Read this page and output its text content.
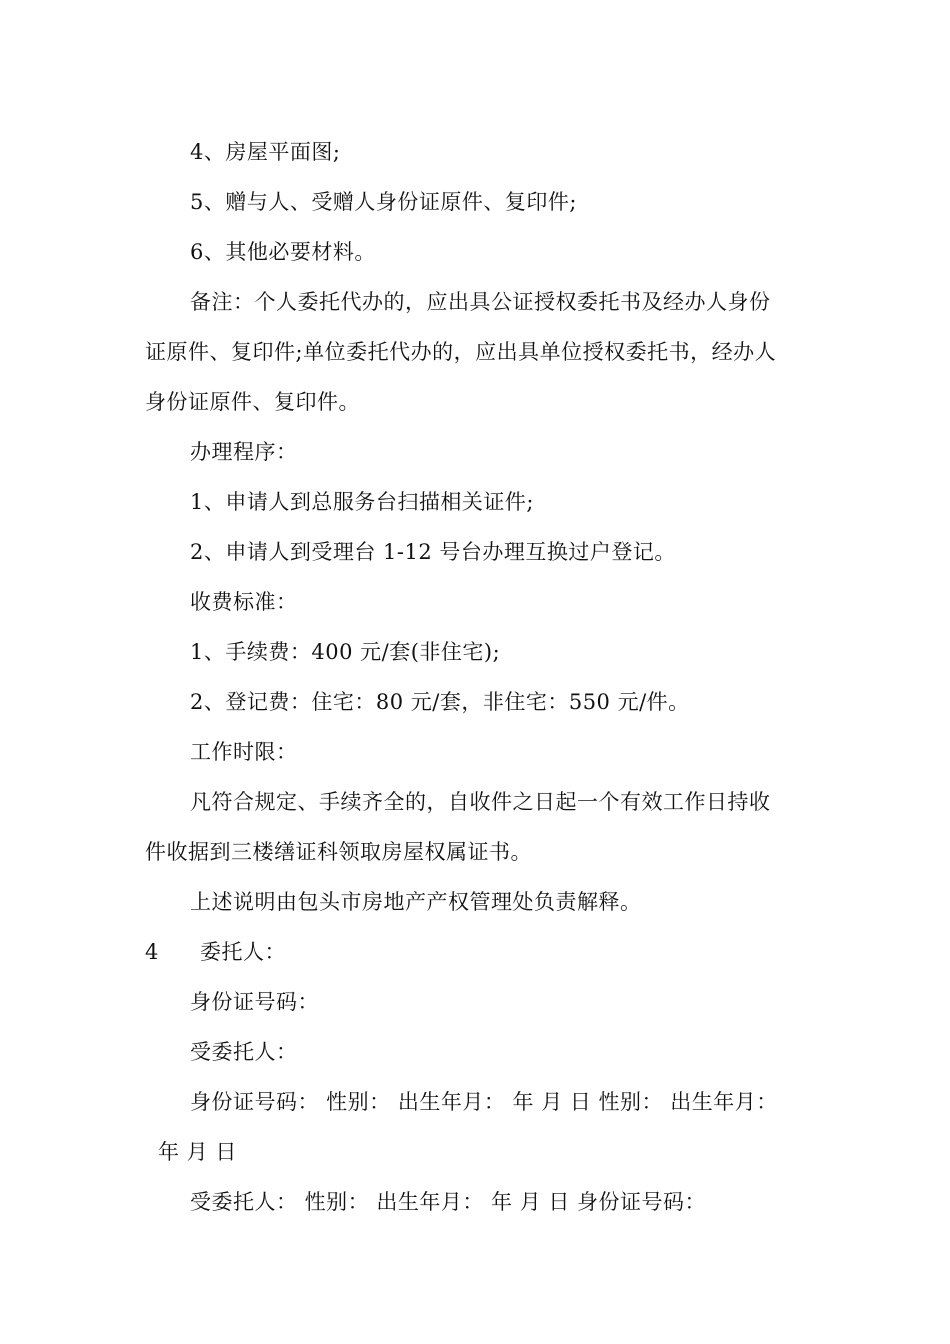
4、房屋平面图;
5、赠与人、受赠人身份证原件、复印件;
6、其他必要材料。
备注：个人委托代办的，应出具公证授权委托书及经办人身份
证原件、复印件;单位委托代办的，应出具单位授权委托书，经办人
身份证原件、复印件。
办理程序：
1、申请人到总服务台扫描相关证件;
2、申请人到受理台 1-12 号台办理互换过户登记。
收费标准：
1、手续费：400 元/套(非住宅);
2、登记费：住宅：80 元/套，非住宅：550 元/件。
工作时限：
凡符合规定、手续齐全的，自收件之日起一个有效工作日持收
件收据到三楼缮证科领取房屋权属证书。
上述说明由包头市房地产产权管理处负责解释。
4 委托人：
身份证号码：
受委托人：
身份证号码： 性别： 出生年月： 年 月 日 性别： 出生年月：
年 月 日
受委托人： 性别： 出生年月： 年 月 日 身份证号码：
